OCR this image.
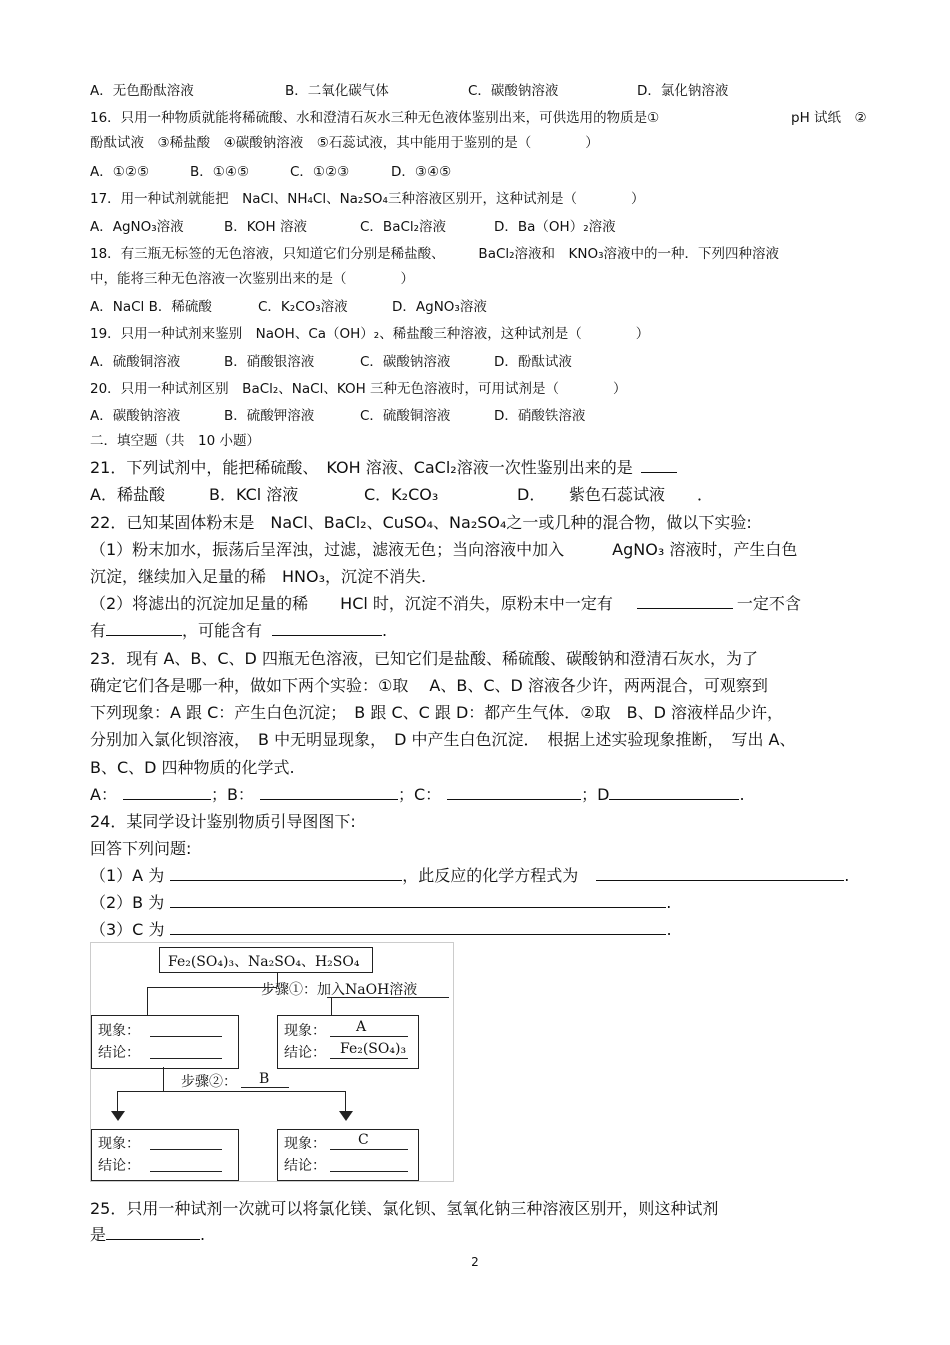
A．无色酚酞溶液	B．二氧化碳气体	C．碳酸钠溶液	D．氯化钠溶液
16．只用一种物质就能将稀硫酸、水和澄清石灰水三种无色液体鉴别出来，可供选用的物质是①	pH 试纸　②
酚酞试液　③稀盐酸　④碳酸钠溶液　⑤石蕊试液，其中能用于鉴别的是（　　　　）
A．①②⑤	B．①④⑤	C．①②③	D．③④⑤
17．用一种试剂就能把　NaCl、NH₄Cl、Na₂SO₄三种溶液区别开，这种试剂是（　　　　）
A．AgNO₃溶液	B．KOH 溶液	C．BaCl₂溶液	D．Ba（OH）₂溶液
18．有三瓶无标签的无色溶液，只知道它们分别是稀盐酸、　　　BaCl₂溶液和　KNO₃溶液中的一种．下列四种溶液
中，能将三种无色溶液一次鉴别出来的是（　　　　）
A．NaCl B．稀硫酸	C．K₂CO₃溶液	D．AgNO₃溶液
19．只用一种试剂来鉴别　NaOH、Ca（OH）₂、稀盐酸三种溶液，这种试剂是（　　　　）
A．硫酸铜溶液	B．硝酸银溶液	C．碳酸钠溶液	D．酚酞试液
20．只用一种试剂区别　BaCl₂、NaCl、KOH 三种无色溶液时，可用试剂是（　　　　）
A．碳酸钠溶液	B．硫酸钾溶液	C．硫酸铜溶液	D．硝酸铁溶液
二．填空题（共　10 小题）
21．下列试剂中，能把稀硫酸、　KOH 溶液、CaCl₂溶液一次性鉴别出来的是
A．稀盐酸	B．KCl 溶液	C．K₂CO₃	D．　 紫色石蕊试液　　 ．
22．已知某固体粉末是　NaCl、BaCl₂、CuSO₄、Na₂SO₄之一或几种的混合物，做以下实验:
（1）粉末加水，振荡后呈浑浊，过滤，滤液无色；当向溶液中加入　　　AgNO₃ 溶液时，产生白色
沉淀，继续加入足量的稀　HNO₃，沉淀不消失.
（2）将滤出的沉淀加足量的稀　　HCl 时，沉淀不消失，原粉末中一定有	一定不含
有	，可能含有	.
23．现有 A、B、C、D 四瓶无色溶液，已知它们是盐酸、稀硫酸、碳酸钠和澄清石灰水，为了
确定它们各是哪一种，做如下两个实验：①取　 A、B、C、D 溶液各少许，两两混合，可观察到
下列现象：A 跟 C：产生白色沉淀；　B 跟 C、C 跟 D：都产生气体．②取　B、D 溶液样品少许，
分别加入氯化钡溶液，　B 中无明显现象，　D 中产生白色沉淀．　根据上述实验现象推断，　写出 A、
B、C、D 四种物质的化学式.
A：	；B：	；C：	；D	.
24．某同学设计鉴别物质引导图图下:
回答下列问题:
（1）A 为	，此反应的化学方程式为	.
（2）B 为	.
（3）C 为	.
Fe₂(SO₄)₃、Na₂SO₄、H₂SO₄
步骤①：加入NaOH溶液
现象：
结论：
现象： A
结论： Fe₂(SO₄)₃
步骤②： B
现象：
结论：
现象： C
结论：
25．只用一种试剂一次就可以将氯化镁、氯化钡、氢氧化钠三种溶液区别开，则这种试剂
是	.
2
